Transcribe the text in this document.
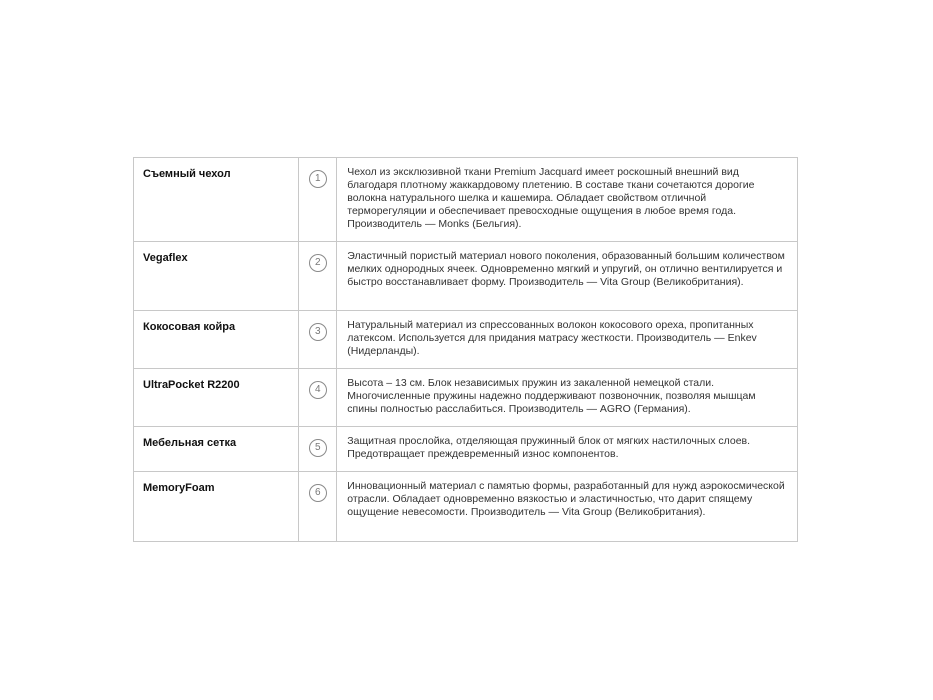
Съемный чехол	1	Чехол из эксклюзивной ткани Premium Jacquard имеет роскошный внешний вид благодаря плотному жаккардовому плетению. В составе ткани сочетаются дорогие волокна натурального шелка и кашемира. Обладает свойством отличной терморегуляции и обеспечивает превосходные ощущения в любое время года. Производитель — Monks (Бельгия).
Vegaflex	2	Эластичный пористый материал нового поколения, образованный большим количеством мелких однородных ячеек. Одновременно мягкий и упругий, он отлично вентилируется и быстро восстанавливает форму. Производитель — Vita Group (Великобритания).
Кокосовая койра	3	Натуральный материал из спрессованных волокон кокосового ореха, пропитанных латексом. Используется для придания матрасу жесткости. Производитель — Enkev (Нидерланды).
UltraPocket R2200	4	Высота – 13 см. Блок независимых пружин из закаленной немецкой стали. Многочисленные пружины надежно поддерживают позвоночник, позволяя мышцам спины полностью расслабиться. Производитель — AGRO (Германия).
Мебельная сетка	5	Защитная прослойка, отделяющая пружинный блок от мягких настилочных слоев. Предотвращает преждевременный износ компонентов.
MemoryFoam	6	Инновационный материал с памятью формы, разработанный для нужд аэрокосмической отрасли. Обладает одновременно вязкостью и эластичностью, что дарит спящему ощущение невесомости. Производитель — Vita Group (Великобритания).
